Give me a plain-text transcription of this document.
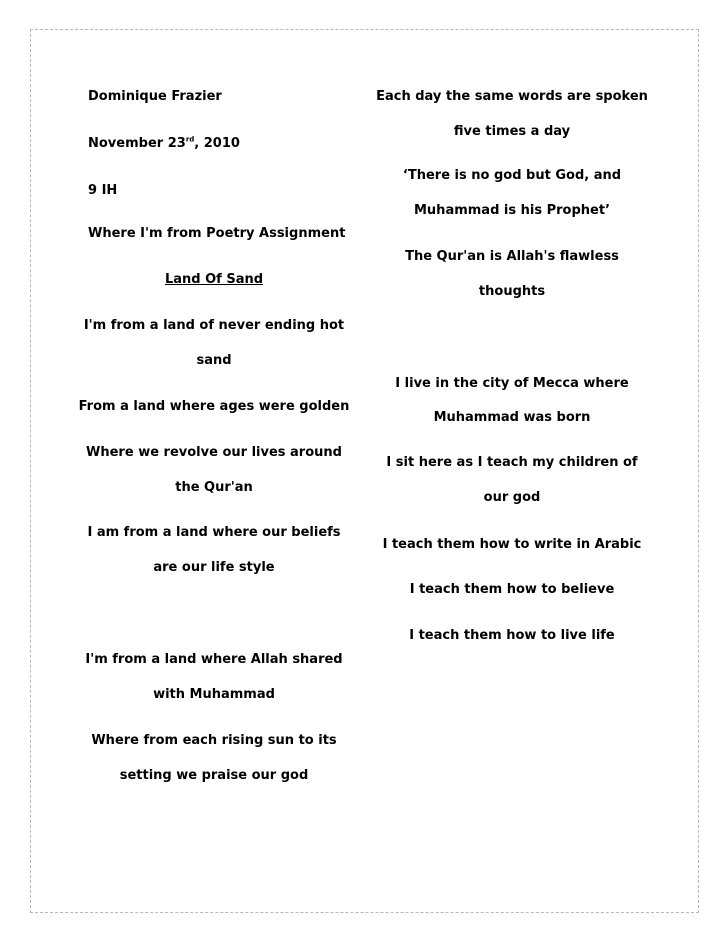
Dominique Frazier
November 23rd, 2010
9 IH
Where I'm from Poetry Assignment
Land Of Sand
I'm from a land of never ending hot
sand
From a land where ages were golden
Where we revolve our lives around
the Qur'an
I am from a land where our beliefs
are our life style
I'm from a land where Allah shared
with Muhammad
Where from each rising sun to its
setting we praise our god
Each day the same words are spoken
five times a day
‘There is no god but God, and
Muhammad is his Prophet’
The Qur'an is Allah's flawless
thoughts
I live in the city of Mecca where
Muhammad was born
I sit here as I teach my children of
our god
I teach them how to write in Arabic
I teach them how to believe
I teach them how to live life
